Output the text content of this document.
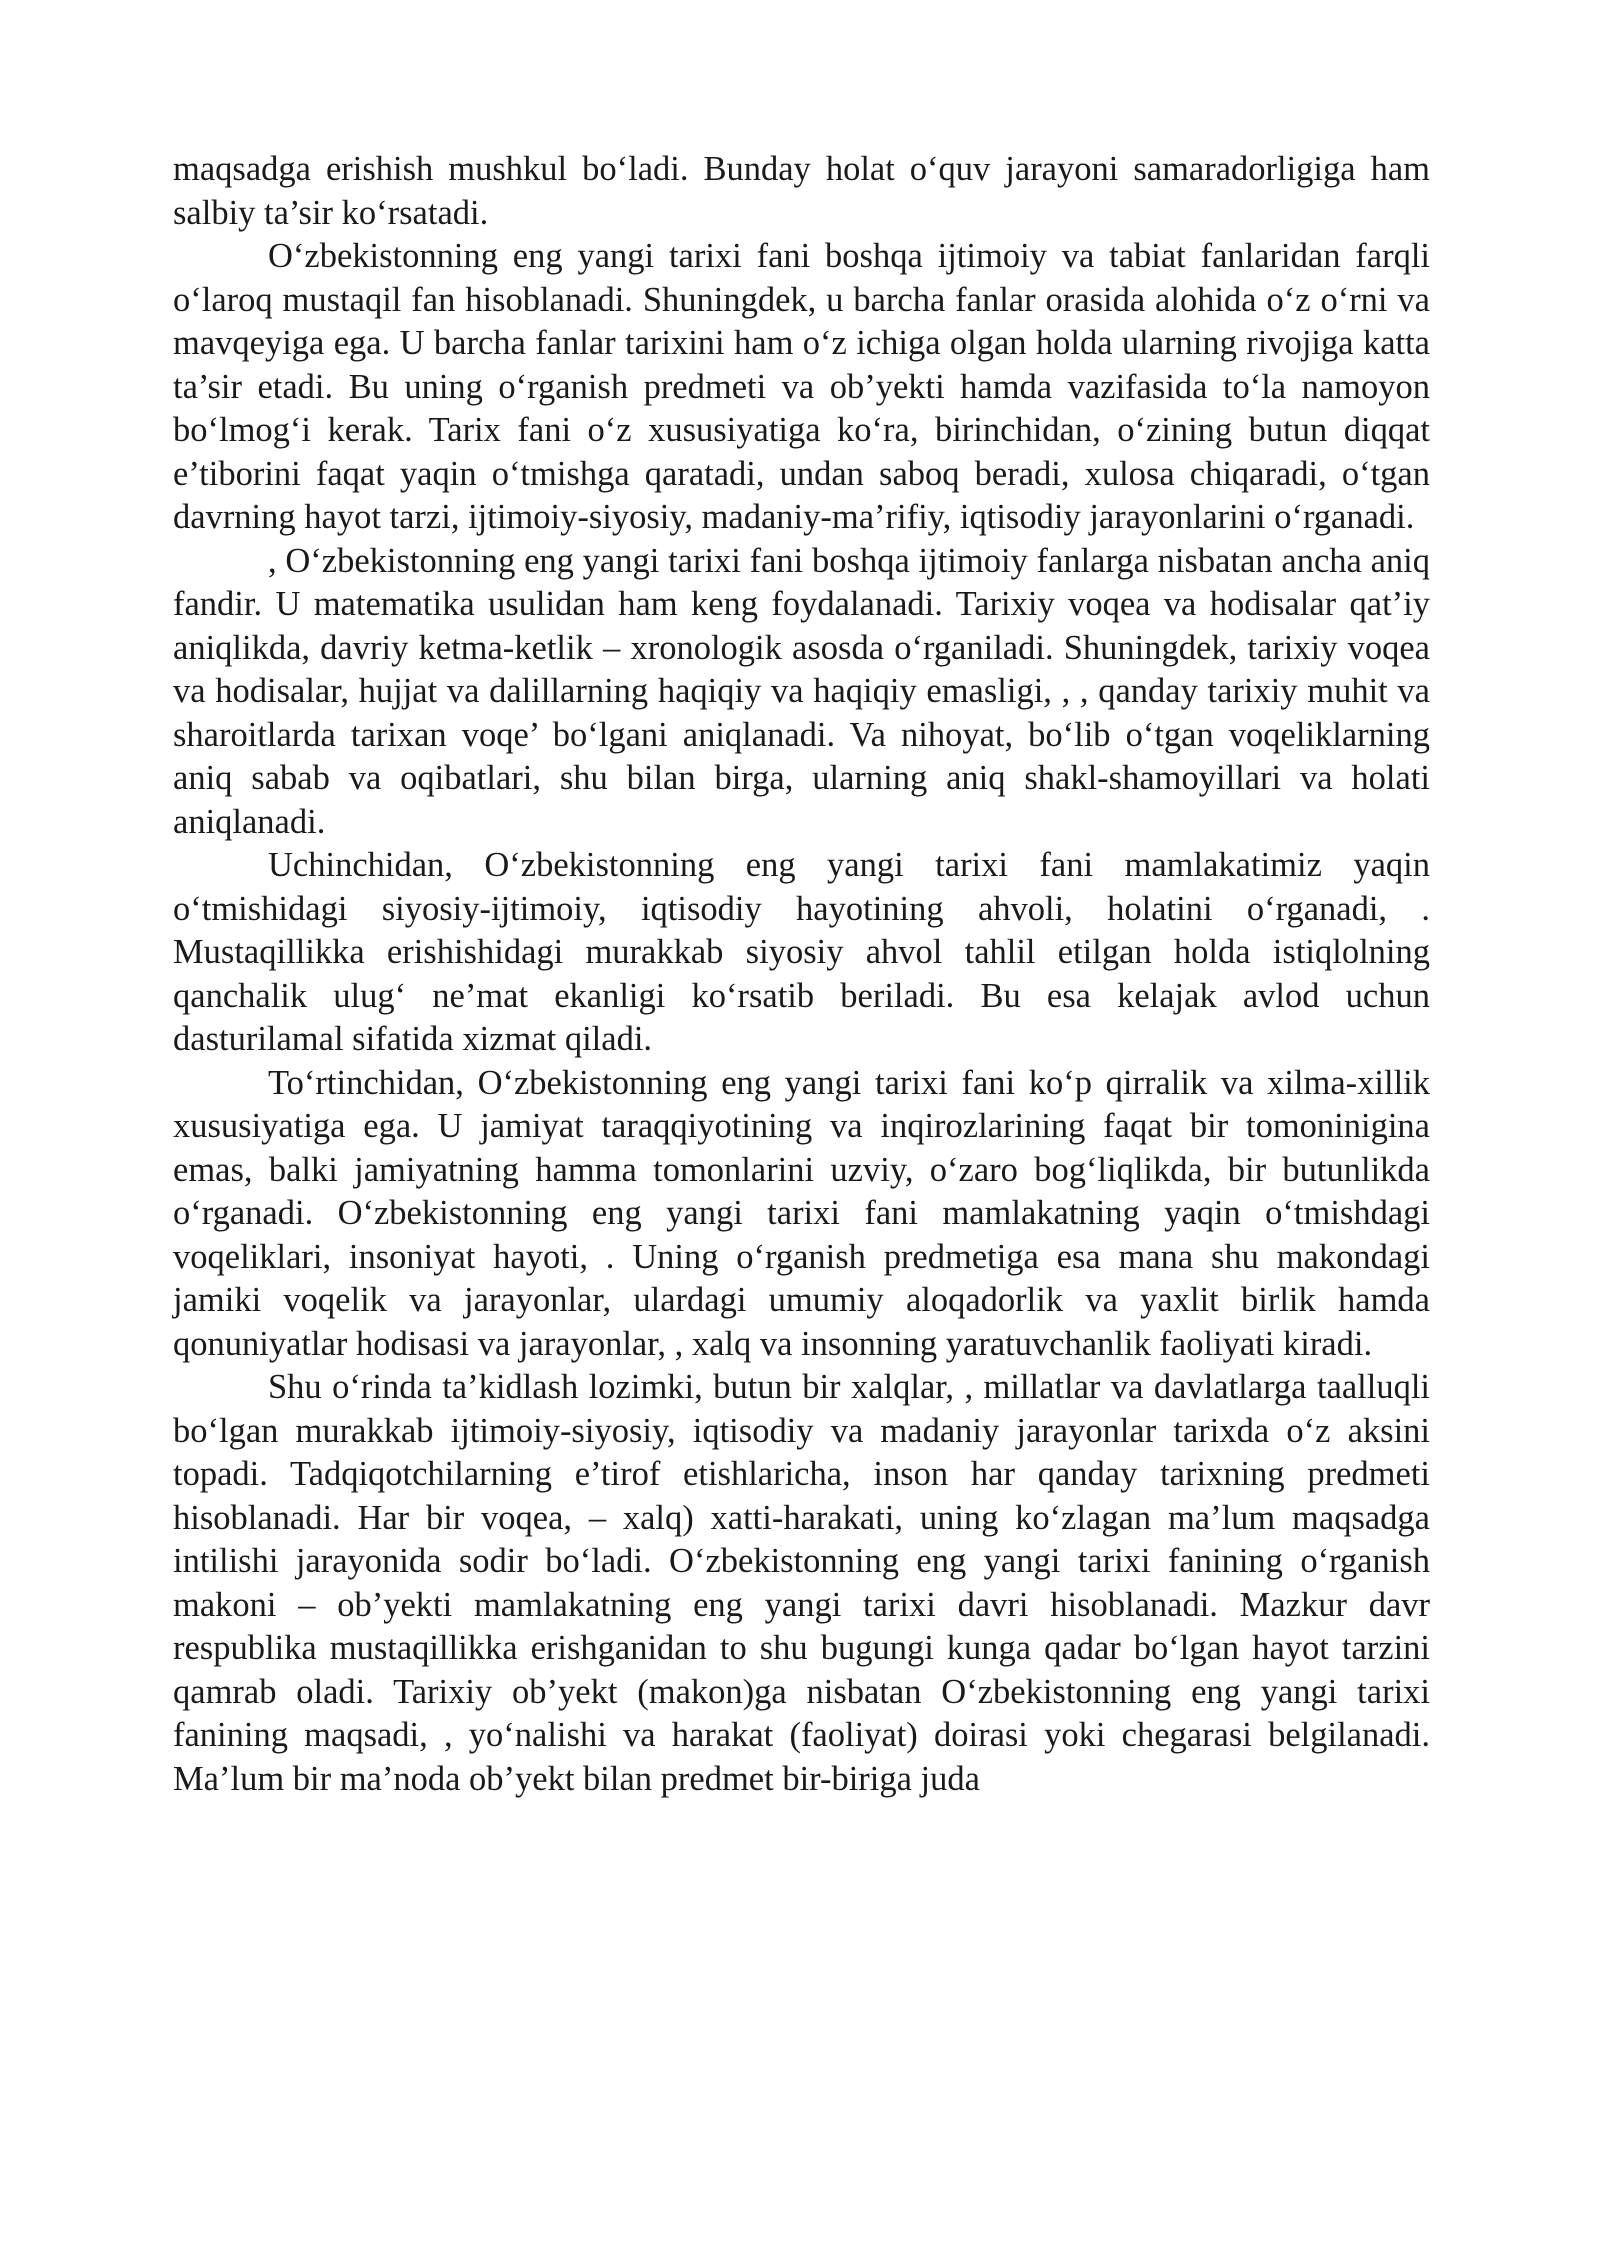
maqsadga erishish mushkul bo‘ladi. Bunday holat o‘quv jarayoni samaradorligiga ham salbiy ta’sir ko‘rsatadi.

O‘zbekistonning eng yangi tarixi fani boshqa ijtimoiy va tabiat fanlaridan farqli o‘laroq mustaqil fan hisoblanadi. Shuningdek, u barcha fanlar orasida alohida o‘z o‘rni va mavqeyiga ega. U barcha fanlar tarixini ham o‘z ichiga olgan holda ularning rivojiga katta ta’sir etadi. Bu uning o‘rganish predmeti va ob’yekti hamda vazifasida to‘la namoyon bo‘lmog‘i kerak. Tarix fani o‘z xususiyatiga ko‘ra, birinchidan, o‘zining butun diqqat e’tiborini faqat yaqin o‘tmishga qaratadi, undan saboq beradi, xulosa chiqaradi, o‘tgan davrning hayot tarzi, ijtimoiy-siyosiy, madaniy-ma’rifiy, iqtisodiy jarayonlarini o‘rganadi.

, O‘zbekistonning eng yangi tarixi fani boshqa ijtimoiy fanlarga nisbatan ancha aniq fandir. U matematika usulidan ham keng foydalanadi. Tarixiy voqea va hodisalar qat’iy aniqlikda, davriy ketma-ketlik – xronologik asosda o‘rganiladi. Shuningdek, tarixiy voqea va hodisalar, hujjat va dalillarning haqiqiy va haqiqiy emasligi, , , qanday tarixiy muhit va sharoitlarda tarixan voqe’ bo‘lgani aniqlanadi. Va nihoyat, bo‘lib o‘tgan voqeliklarning aniq sabab va oqibatlari, shu bilan birga, ularning aniq shakl-shamoyillari va holati aniqlanadi.

Uchinchidan, O‘zbekistonning eng yangi tarixi fani mamlakatimiz yaqin o‘tmishidagi siyosiy-ijtimoiy, iqtisodiy hayotining ahvoli, holatini o‘rganadi, . Mustaqillikka erishishidagi murakkab siyosiy ahvol tahlil etilgan holda istiqlolning qanchalik ulug‘ ne’mat ekanligi ko‘rsatib beriladi. Bu esa kelajak avlod uchun dasturilamal sifatida xizmat qiladi.

To‘rtinchidan, O‘zbekistonning eng yangi tarixi fani ko‘p qirralik va xilma-xillik xususiyatiga ega. U jamiyat taraqqiyotining va inqirozlarining faqat bir tomoninigina emas, balki jamiyatning hamma tomonlarini uzviy, o‘zaro bog‘liqlikda, bir butunlikda o‘rganadi. O‘zbekistonning eng yangi tarixi fani mamlakatning yaqin o‘tmishdagi voqeliklari, insoniyat hayoti, . Uning o‘rganish predmetiga esa mana shu makondagi jamiki voqelik va jarayonlar, ulardagi umumiy aloqadorlik va yaxlit birlik hamda qonuniyatlar hodisasi va jarayonlar, , xalq va insonning yaratuvchanlik faoliyati kiradi.

Shu o‘rinda ta’kidlash lozimki, butun bir xalqlar, , millatlar va davlatlarga taalluqli bo‘lgan murakkab ijtimoiy-siyosiy, iqtisodiy va madaniy jarayonlar tarixda o‘z aksini topadi. Tadqiqotchilarning e’tirof etishlaricha, inson har qanday tarixning predmeti hisoblanadi. Har bir voqea, – xalq) xatti-harakati, uning ko‘zlagan ma’lum maqsadga intilishi jarayonida sodir bo‘ladi. O‘zbekistonning eng yangi tarixi fanining o‘rganish makoni – ob’yekti mamlakatning eng yangi tarixi davri hisoblanadi. Mazkur davr respublika mustaqillikka erishganidan to shu bugungi kunga qadar bo‘lgan hayot tarzini qamrab oladi. Tarixiy ob’yekt (makon)ga nisbatan O‘zbekistonning eng yangi tarixi fanining maqsadi, , yo‘nalishi va harakat (faoliyat) doirasi yoki chegarasi belgilanadi. Ma’lum bir ma’noda ob’yekt bilan predmet bir-biriga juda
